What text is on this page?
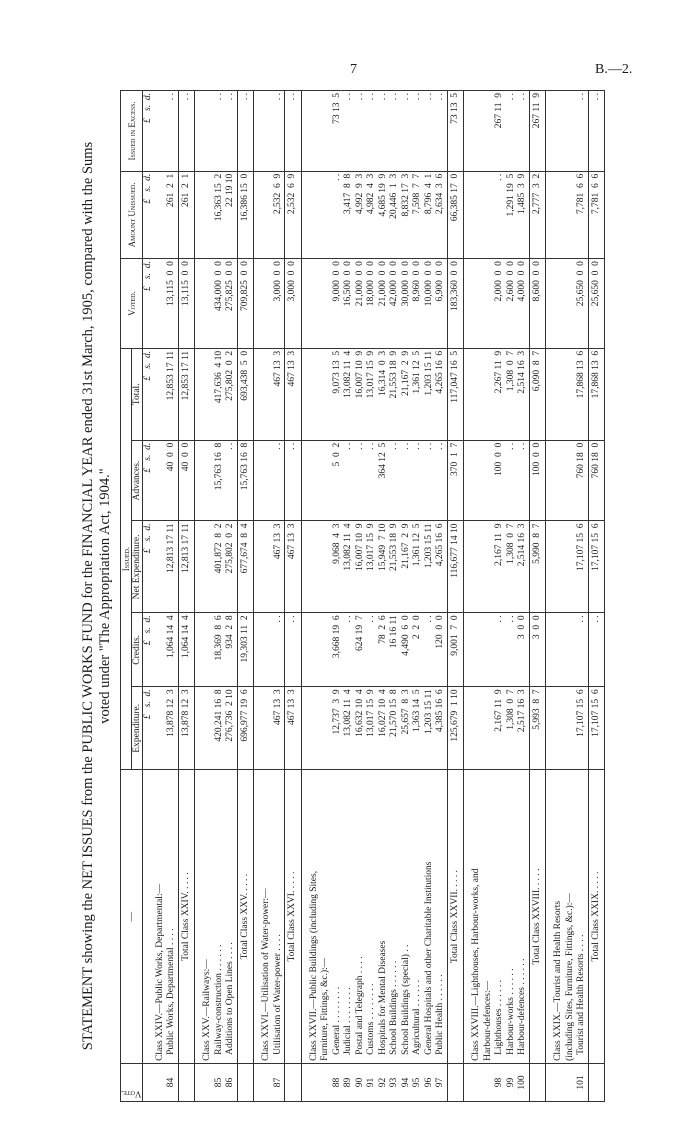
7	B.—2.
STATEMENT showing the NET ISSUES from the PUBLIC WORKS FUND for the FINANCIAL YEAR ended 31st March, 1905, compared with the Sums voted under "The Appropriation Act, 1904."
Vote.	—	Issued.					Voted.	Amount Unissued.	Issued in Excess.
		Expenditure.	Credits.	Net Expenditure.	Advances.	Total.			
		£   s.  d.	£   s.  d.	£   s.  d.	£   s.  d.	£   s.  d.	£   s.  d.	£   s.  d.	£   s.  d.
	Class XXIV.—Public Works, Departmental:—								
84	Public Works, Departmental . . . .	13,878 12  3	1,064 14  4	12,813 17 11	40  0  0	12,853 17 11	13,115  0  0	261  2  1	. .
	Total Class XXIV. . . . .	13,878 12  3	1,064 14  4	12,813 17 11	40  0  0	12,853 17 11	13,115  0  0	261  2  1	. .

	Class XXV.—Railways:—								
85	Railway-construction . . . . . .	420,241 16  8	18,369  8  6	401,872  8  2	15,763 16  8	417,636  4 10	434,000  0  0	16,363 15  2	. .
86	Additions to Open Lines . . . .	276,736  2 10	934  2  8	275,802  0  2	. .	275,802  0  2	275,825  0  0	22 19 10	. .
	Total Class XXV. . . . .	696,977 19  6	19,303 11  2	677,674  8  4	15,763 16  8	693,438  5  0	709,825  0  0	16,386 15  0	. .

	Class XXVI.—Utilisation of Water-power:—								
87	Utilisation of Water-power . . . .	467 13  3	. .	467 13  3	. .	467 13  3	3,000  0  0	2,532  6  9	. .
	Total Class XXVI. . . . .	467 13  3	. .	467 13  3	. .	467 13  3	3,000  0  0	2,532  6  9	. .

	Class XXVII.—Public Buildings (including Sites,								
	Furniture, Fittings, &c.):—								
88	General . . . . . . . .	12,737  3  9	3,668 19  6	9,068  4  3	5  0  2	9,073 13  5	9,000  0  0	. .	73 13  5
89	Judicial . . . . . . . .	13,082 11  4	. .	13,082 11  4	. .	13,082 11  4	16,500  0  0	3,417  8  8	. .
90	Postal and Telegraph . . . .	16,632 10  4	624 19  7	16,007 10  9	. .	16,007 10  9	21,000  0  0	4,992  9  3	. .
91	Customs . . . . . . . .	13,017 15  9	. .	13,017 15  9	. .	13,017 15  9	18,000  0  0	4,982  4  3	. .
92	Hospitals for Mental Diseases	16,027 10  4	78  2  6	15,949  7 10	364 12  5	16,314  0  3	21,000  0  0	4,685 19  9	. .
93	School Buildings . . . . . .	21,570 15  8	16 16 11	21,553 18  9	. .	21,553 18  9	42,000  0  0	20,446  1  3	. .
94	School Buildings (special) . .	25,657  8  3	4,490  6  0	21,167  2  9	. .	21,167  2  9	30,000  0  0	8,832 17  3	. .
95	Agricultural . . . . . .	1,363 14  5	2  2  0	1,361 12  5	. .	1,361 12  5	8,960  0  0	7,598  7  7	. .
96	General Hospitals and other Charitable Institutions	1,203 15 11	. .	1,203 15 11	. .	1,203 15 11	10,000  0  0	8,796  4  1	. .
97	Public Health . . . . . .	4,385 16  6	120  0  0	4,265 16  6	. .	4,265 16  6	6,900  0  0	2,634  3  6	. .
	Total Class XXVII. . . . .	125,679  1 10	9,001  7  0	116,677 14 10	370  1  7	117,047 16  5	183,360  0  0	66,385 17  0	73 13  5

	Class XXVIII.—Lighthouses, Harbour-works, and								
	Harbour-defences:—								
98	Lighthouses . . . . . .	2,167 11  9	. .	2,167 11  9	100  0  0	2,267 11  9	2,000  0  0	. .	267 11  9
99	Harbour-works . . . . . .	1,308  0  7	. .	1,308  0  7	. .	1,308  0  7	2,600  0  0	1,291 19  5	. .
100	Harbour-defences . . . . . .	2,517 16  3	3  0  0	2,514 16  3	. .	2,514 16  3	4,000  0  0	1,485  3  9	. .
	Total Class XXVIII. . . . .	5,993  8  7	3  0  0	5,990  8  7	100  0  0	6,090  8  7	8,600  0  0	2,777  3  2	267 11  9

	Class XXIX.—Tourist and Health Resorts								
	(including Sites, Furniture, Fittings, &c.):—								
101	Tourist and Health Resorts . . . .	17,107 15  6	. .	17,107 15  6	760 18  0	17,868 13  6	25,650  0  0	7,781  6  6	. .
	Total Class XXIX. . . . .	17,107 15  6	. .	17,107 15  6	760 18  0	17,868 13  6	25,650  0  0	7,781  6  6	. .
